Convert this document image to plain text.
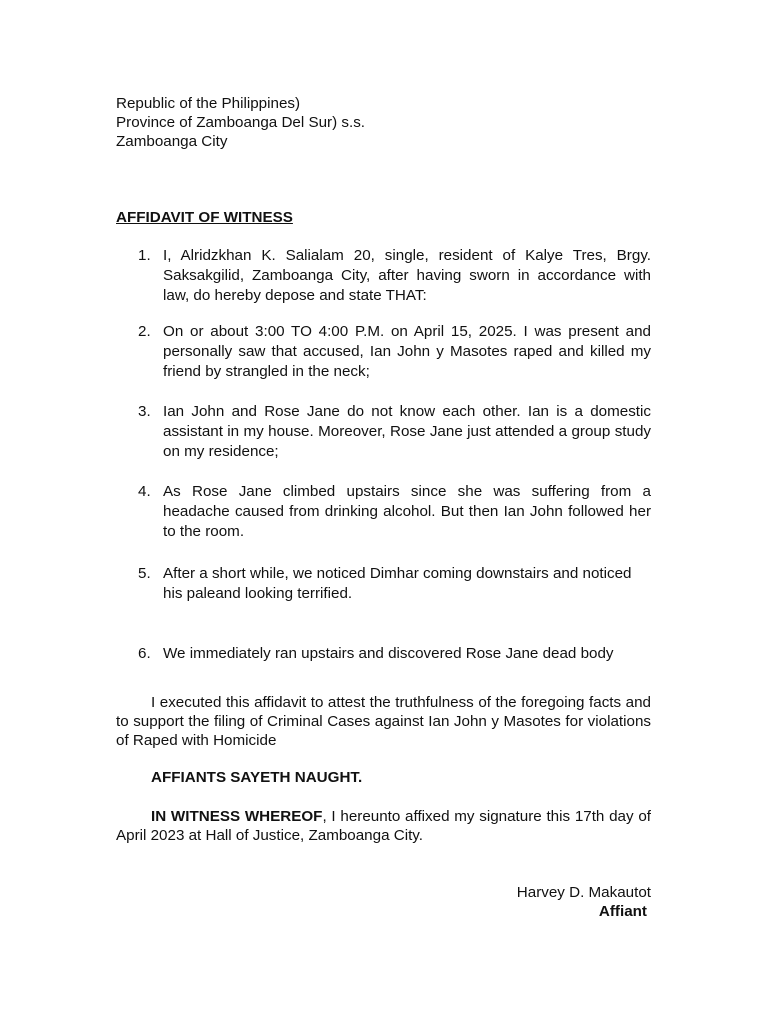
Republic of the Philippines)
Province of Zamboanga Del Sur) s.s.
Zamboanga City
AFFIDAVIT OF WITNESS
1. I, Alridzkhan K. Salialam 20, single, resident of Kalye Tres, Brgy. Saksakgilid, Zamboanga City, after having sworn in accordance with law, do hereby depose and state THAT:
2. On or about 3:00 TO 4:00 P.M. on April 15, 2025. I was present and personally saw that accused, Ian John y Masotes raped and killed my friend by strangled in the neck;
3. Ian John and Rose Jane do not know each other. Ian is a domestic assistant in my house. Moreover, Rose Jane just attended a group study on my residence;
4. As Rose Jane climbed upstairs since she was suffering from a headache caused from drinking alcohol. But then Ian John followed her to the room.
5. After a short while, we noticed Dimhar coming downstairs and noticed his paleand looking terrified.
6. We immediately ran upstairs and discovered Rose Jane dead body
I executed this affidavit to attest the truthfulness of the foregoing facts and to support the filing of Criminal Cases against Ian John y Masotes for violations of Raped with Homicide
AFFIANTS SAYETH NAUGHT.
IN WITNESS WHEREOF, I hereunto affixed my signature this 17th day of April 2023 at Hall of Justice, Zamboanga City.
Harvey D. Makautot
Affiant
